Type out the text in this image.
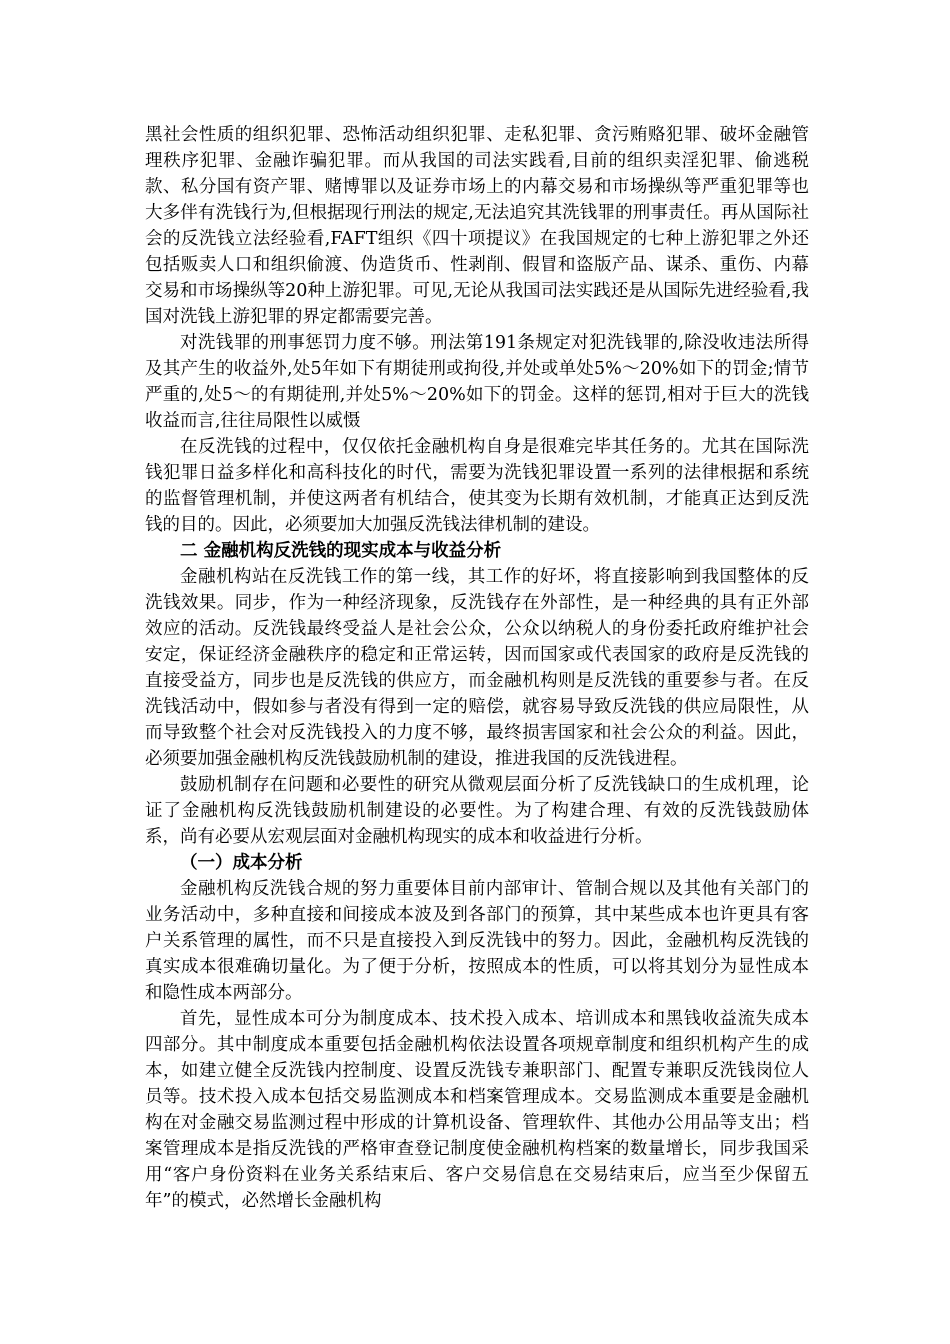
黑社会性质的组织犯罪、恐怖活动组织犯罪、走私犯罪、贪污贿赂犯罪、破坏金融管理秩序犯罪、金融诈骗犯罪。而从我国的司法实践看,目前的组织卖淫犯罪、偷逃税款、私分国有资产罪、赌博罪以及证券市场上的内幕交易和市场操纵等严重犯罪等也大多伴有洗钱行为,但根据现行刑法的规定,无法追究其洗钱罪的刑事责任。再从国际社会的反洗钱立法经验看,FAFT组织《四十项提议》在我国规定的七种上游犯罪之外还包括贩卖人口和组织偷渡、伪造货币、性剥削、假冒和盗版产品、谋杀、重伤、内幕交易和市场操纵等20种上游犯罪。可见,无论从我国司法实践还是从国际先进经验看,我国对洗钱上游犯罪的界定都需要完善。

对洗钱罪的刑事惩罚力度不够。刑法第191条规定对犯洗钱罪的,除没收违法所得及其产生的收益外,处5年如下有期徒刑或拘役,并处或单处5%～20%如下的罚金;情节严重的,处5～的有期徒刑,并处5%～20%如下的罚金。这样的惩罚,相对于巨大的洗钱收益而言,往往局限性以威慑

在反洗钱的过程中，仅仅依托金融机构自身是很难完毕其任务的。尤其在国际洗钱犯罪日益多样化和高科技化的时代，需要为洗钱犯罪设置一系列的法律根据和系统的监督管理机制，并使这两者有机结合，使其变为长期有效机制，才能真正达到反洗钱的目的。因此，必须要加大加强反洗钱法律机制的建设。

二 金融机构反洗钱的现实成本与收益分析

金融机构站在反洗钱工作的第一线，其工作的好坏，将直接影响到我国整体的反洗钱效果。同步，作为一种经济现象，反洗钱存在外部性，是一种经典的具有正外部效应的活动。反洗钱最终受益人是社会公众，公众以纳税人的身份委托政府维护社会安定，保证经济金融秩序的稳定和正常运转，因而国家或代表国家的政府是反洗钱的直接受益方，同步也是反洗钱的供应方，而金融机构则是反洗钱的重要参与者。在反洗钱活动中，假如参与者没有得到一定的赔偿，就容易导致反洗钱的供应局限性，从而导致整个社会对反洗钱投入的力度不够，最终损害国家和社会公众的利益。因此，必须要加强金融机构反洗钱鼓励机制的建设，推进我国的反洗钱进程。

鼓励机制存在问题和必要性的研究从微观层面分析了反洗钱缺口的生成机理，论证了金融机构反洗钱鼓励机制建设的必要性。为了构建合理、有效的反洗钱鼓励体系，尚有必要从宏观层面对金融机构现实的成本和收益进行分析。

（一）成本分析

金融机构反洗钱合规的努力重要体目前内部审计、管制合规以及其他有关部门的业务活动中，多种直接和间接成本波及到各部门的预算，其中某些成本也许更具有客户关系管理的属性，而不只是直接投入到反洗钱中的努力。因此，金融机构反洗钱的真实成本很难确切量化。为了便于分析，按照成本的性质，可以将其划分为显性成本和隐性成本两部分。

首先，显性成本可分为制度成本、技术投入成本、培训成本和黑钱收益流失成本四部分。其中制度成本重要包括金融机构依法设置各项规章制度和组织机构产生的成本，如建立健全反洗钱内控制度、设置反洗钱专兼职部门、配置专兼职反洗钱岗位人员等。技术投入成本包括交易监测成本和档案管理成本。交易监测成本重要是金融机构在对金融交易监测过程中形成的计算机设备、管理软件、其他办公用品等支出；档案管理成本是指反洗钱的严格审查登记制度使金融机构档案的数量增长，同步我国采用“客户身份资料在业务关系结束后、客户交易信息在交易结束后，应当至少保留五年”的模式，必然增长金融机构
